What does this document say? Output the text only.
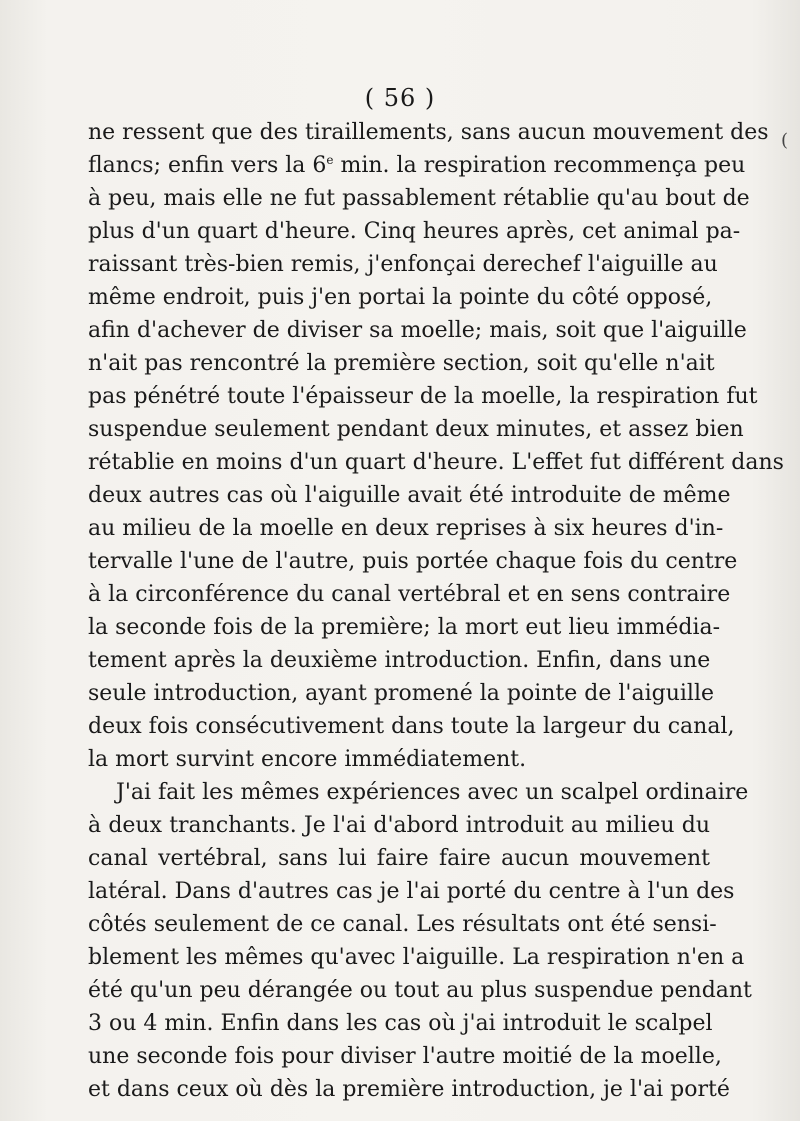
(
( 56 )
ne ressent que des tiraillements, sans aucun mouvement des
flancs; enfin vers la 6e min. la respiration recommença peu
à peu, mais elle ne fut passablement rétablie qu'au bout de
plus d'un quart d'heure. Cinq heures après, cet animal pa-
raissant très-bien remis, j'enfonçai derechef l'aiguille au
même endroit, puis j'en portai la pointe du côté opposé,
afin d'achever de diviser sa moelle; mais, soit que l'aiguille
n'ait pas rencontré la première section, soit qu'elle n'ait
pas pénétré toute l'épaisseur de la moelle, la respiration fut
suspendue seulement pendant deux minutes, et assez bien
rétablie en moins d'un quart d'heure. L'effet fut différent dans
deux autres cas où l'aiguille avait été introduite de même
au milieu de la moelle en deux reprises à six heures d'in-
tervalle l'une de l'autre, puis portée chaque fois du centre
à la circonférence du canal vertébral et en sens contraire
la seconde fois de la première; la mort eut lieu immédia-
tement après la deuxième introduction. Enfin, dans une
seule introduction, ayant promené la pointe de l'aiguille
deux fois consécutivement dans toute la largeur du canal,
la mort survint encore immédiatement.
J'ai fait les mêmes expériences avec un scalpel ordinaire
à deux tranchants. Je l'ai d'abord introduit au milieu du
canal vertébral, sans lui faire faire aucun mouvement
latéral. Dans d'autres cas je l'ai porté du centre à l'un des
côtés seulement de ce canal. Les résultats ont été sensi-
blement les mêmes qu'avec l'aiguille. La respiration n'en a
été qu'un peu dérangée ou tout au plus suspendue pendant
3 ou 4 min. Enfin dans les cas où j'ai introduit le scalpel
une seconde fois pour diviser l'autre moitié de la moelle,
et dans ceux où dès la première introduction, je l'ai porté
